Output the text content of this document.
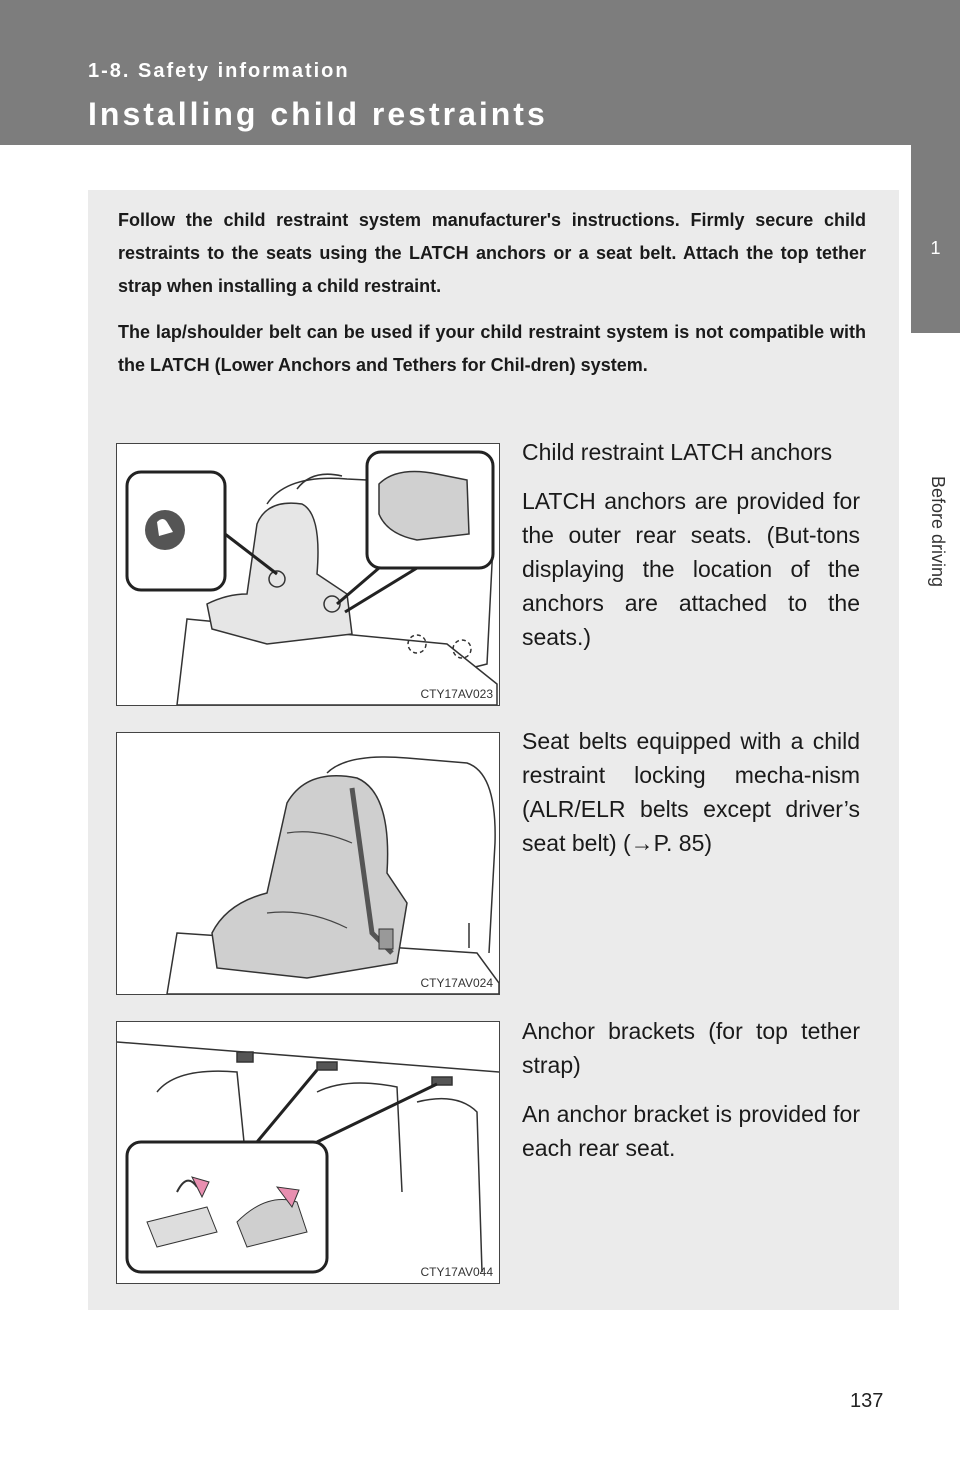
1-8. Safety information
Installing child restraints
1
Before driving

Follow the child restraint system manufacturer's instructions. Firmly secure child restraints to the seats using the LATCH anchors or a seat belt. Attach the top tether strap when installing a child restraint.

The lap/shoulder belt can be used if your child restraint system is not compatible with the LATCH (Lower Anchors and Tethers for Chil-dren) system.

CTY17AV023
CTY17AV024
CTY17AV044

Child restraint LATCH anchors

LATCH anchors are provided for the outer rear seats. (But-tons displaying the location of the anchors are attached to the seats.)

Seat belts equipped with a child restraint locking mecha-nism (ALR/ELR belts except driver’s seat belt) (→P. 85)

Anchor brackets (for top tether strap)

An anchor bracket is provided for each rear seat.

137
